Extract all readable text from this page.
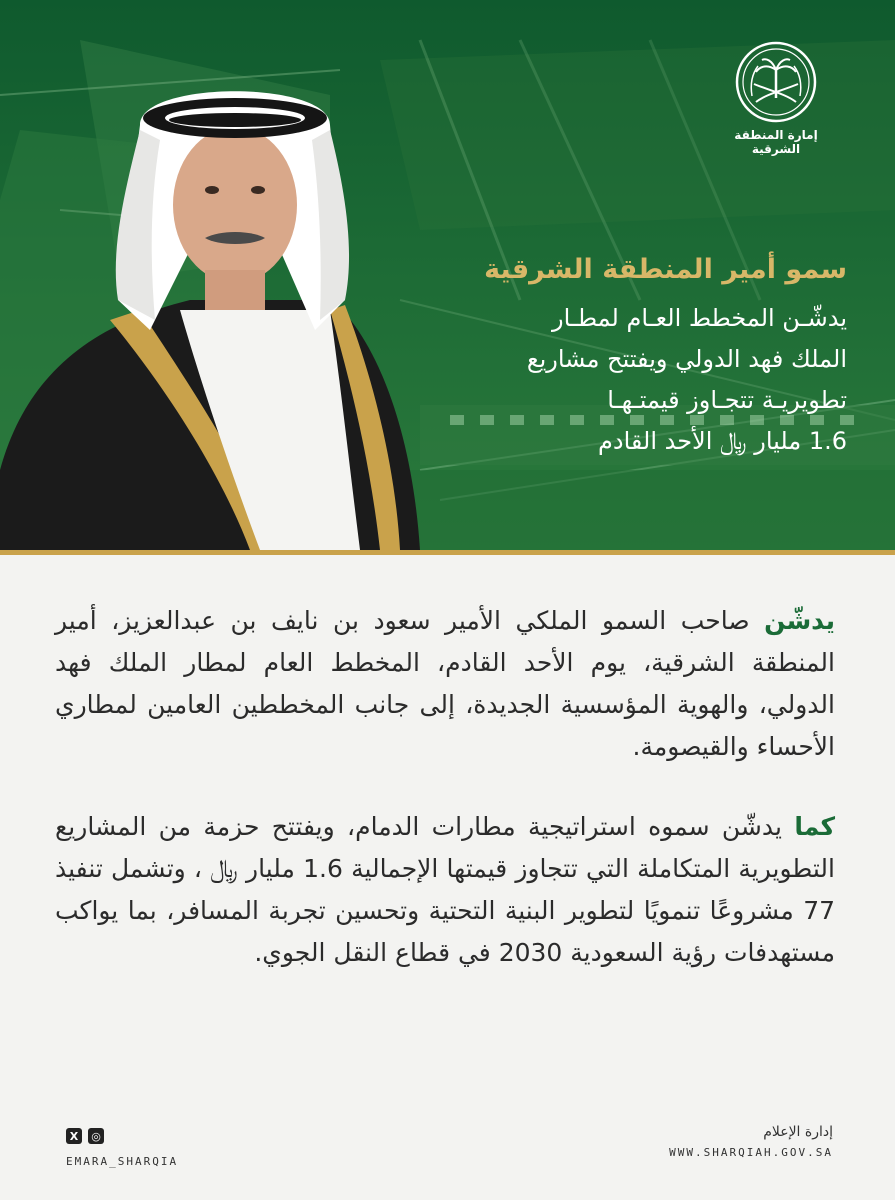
إمارة المنطقة الشرقية
سمو أمير المنطقة الشرقية
يدشّـن المخطط العـام لمطـار
الملك فهد الدولي ويفتتح مشاريع
تطويريـة تتجـاوز قيمتـهـا
1.6 مليار ﷼ الأحد القادم

يدشّن صاحب السمو الملكي الأمير سعود بن نايف بن عبدالعزيز، أمير المنطقة الشرقية، يوم الأحد القادم، المخطط العام لمطار الملك فهد الدولي، والهوية المؤسسية الجديدة، إلى جانب المخططين العامين لمطاري الأحساء والقيصومة.

كما يدشّن سموه استراتيجية مطارات الدمام، ويفتتح حزمة من المشاريع التطويرية المتكاملة التي تتجاوز قيمتها الإجمالية 1.6 مليار ﷼ ، وتشمل تنفيذ 77 مشروعًا تنمويًا لتطوير البنية التحتية وتحسين تجربة المسافر، بما يواكب مستهدفات رؤية السعودية 2030 في قطاع النقل الجوي.

X	◎
EMARA_SHARQIA
إدارة الإعلام
WWW.SHARQIAH.GOV.SA
